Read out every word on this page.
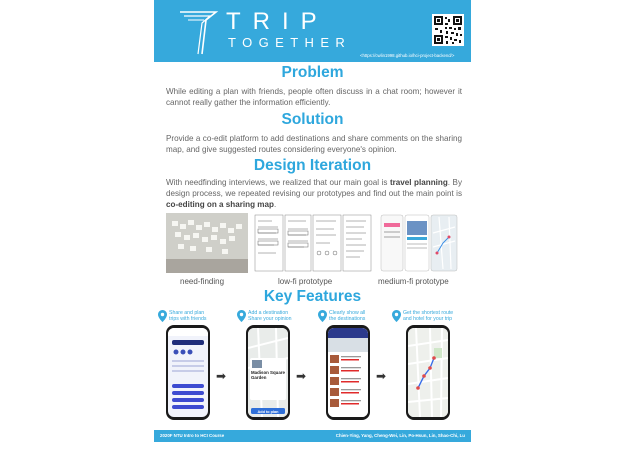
TRIP
TOGETHER
<https://cwlin1998.github.io/hci-project-backend/>
Problem
While editing a plan with friends, people often discuss in a chat room; however it cannot really gather the information efficiently.
Solution
Provide a co-edit platform to add destinations and share comments on the sharing map, and give suggested routes considering everyone's opinion.
Design Iteration
With needfinding interviews, we realized that our main goal is travel planning. By design process, we repeated revising our prototypes and find out the main point is co-editing on a sharing map.
need-finding	low-fi prototype	medium-fi prototype
Key Features
Share and plan
trips with friends
Add a destination
Share your opinion
Clearly show all
the destinations
Get the shortest route
and hotel for your trip
➡	Madison Square Garden
Add to plan
➡	➡
2020F NTU Intro to HCI Course	Chien-Ying, Yang, Cheng-Wei, Lin, Po-Hsun, Lin, Shao-Chi, Lu
